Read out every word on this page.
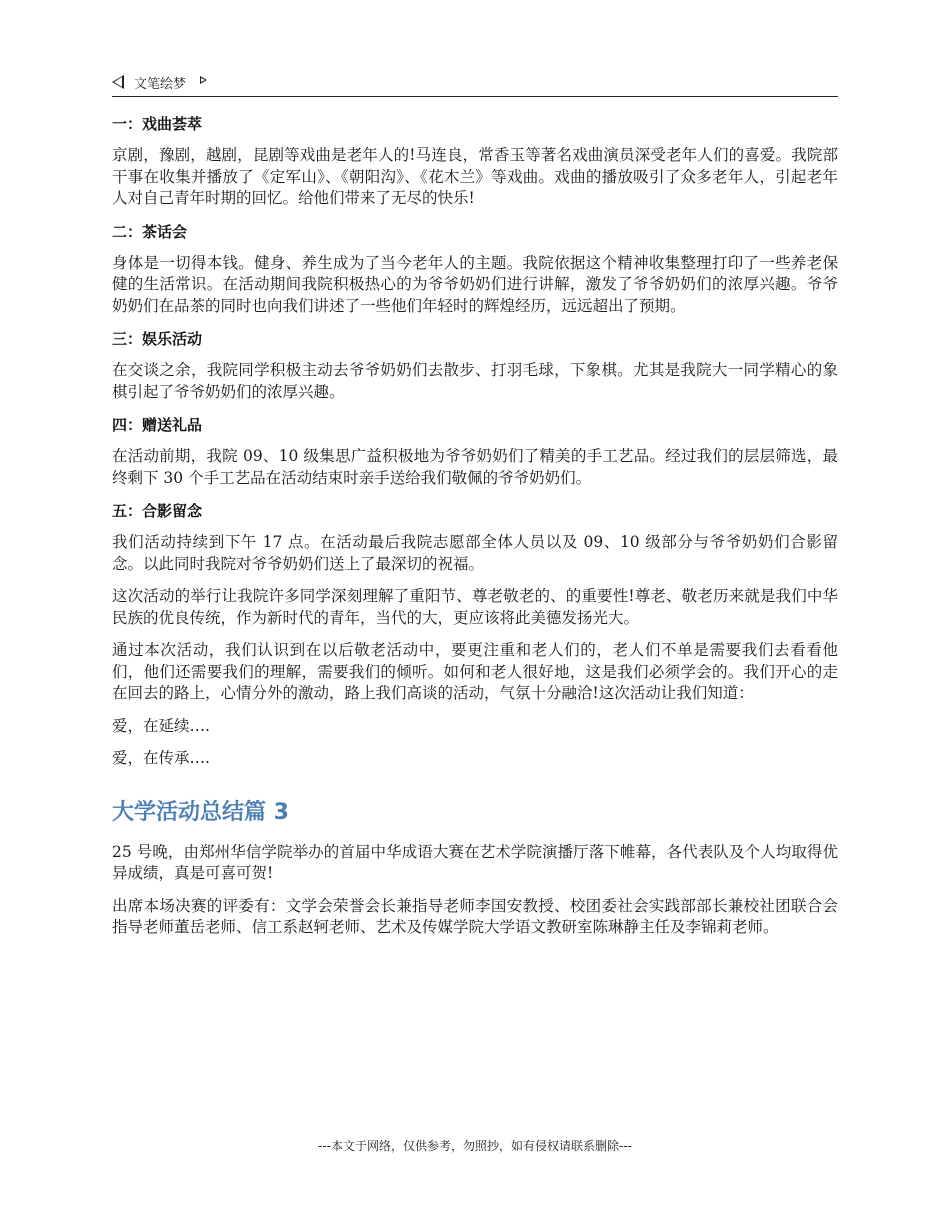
文笔绘梦
一：戏曲荟萃

京剧，豫剧，越剧，昆剧等戏曲是老年人的!马连良，常香玉等著名戏曲演员深受老年人们的喜爱。我院部干事在收集并播放了《定军山》、《朝阳沟》、《花木兰》等戏曲。戏曲的播放吸引了众多老年人，引起老年人对自己青年时期的回忆。给他们带来了无尽的快乐!

二：茶话会

身体是一切得本钱。健身、养生成为了当今老年人的主题。我院依据这个精神收集整理打印了一些养老保健的生活常识。在活动期间我院积极热心的为爷爷奶奶们进行讲解，激发了爷爷奶奶们的浓厚兴趣。爷爷奶奶们在品茶的同时也向我们讲述了一些他们年轻时的辉煌经历，远远超出了预期。

三：娱乐活动

在交谈之余，我院同学积极主动去爷爷奶奶们去散步、打羽毛球，下象棋。尤其是我院大一同学精心的象棋引起了爷爷奶奶们的浓厚兴趣。

四：赠送礼品

在活动前期，我院 09、10 级集思广益积极地为爷爷奶奶们了精美的手工艺品。经过我们的层层筛选，最终剩下 30 个手工艺品在活动结束时亲手送给我们敬佩的爷爷奶奶们。

五：合影留念

我们活动持续到下午 17 点。在活动最后我院志愿部全体人员以及 09、10 级部分与爷爷奶奶们合影留念。以此同时我院对爷爷奶奶们送上了最深切的祝福。

这次活动的举行让我院许多同学深刻理解了重阳节、尊老敬老的、的重要性!尊老、敬老历来就是我们中华民族的优良传统，作为新时代的青年，当代的大，更应该将此美德发扬光大。

通过本次活动，我们认识到在以后敬老活动中，要更注重和老人们的，老人们不单是需要我们去看看他们，他们还需要我们的理解，需要我们的倾听。如何和老人很好地，这是我们必须学会的。我们开心的走在回去的路上，心情分外的激动，路上我们高谈的活动，气氛十分融洽!这次活动让我们知道：

爱，在延续….

爱，在传承….

大学活动总结篇 3

25 号晚，由郑州华信学院举办的首届中华成语大赛在艺术学院演播厅落下帷幕，各代表队及个人均取得优异成绩，真是可喜可贺!

出席本场决赛的评委有：文学会荣誉会长兼指导老师李国安教授、校团委社会实践部部长兼校社团联合会指导老师董岳老师、信工系赵轲老师、艺术及传媒学院大学语文教研室陈琳静主任及李锦莉老师。

---本文于网络，仅供参考，勿照抄，如有侵权请联系删除---
